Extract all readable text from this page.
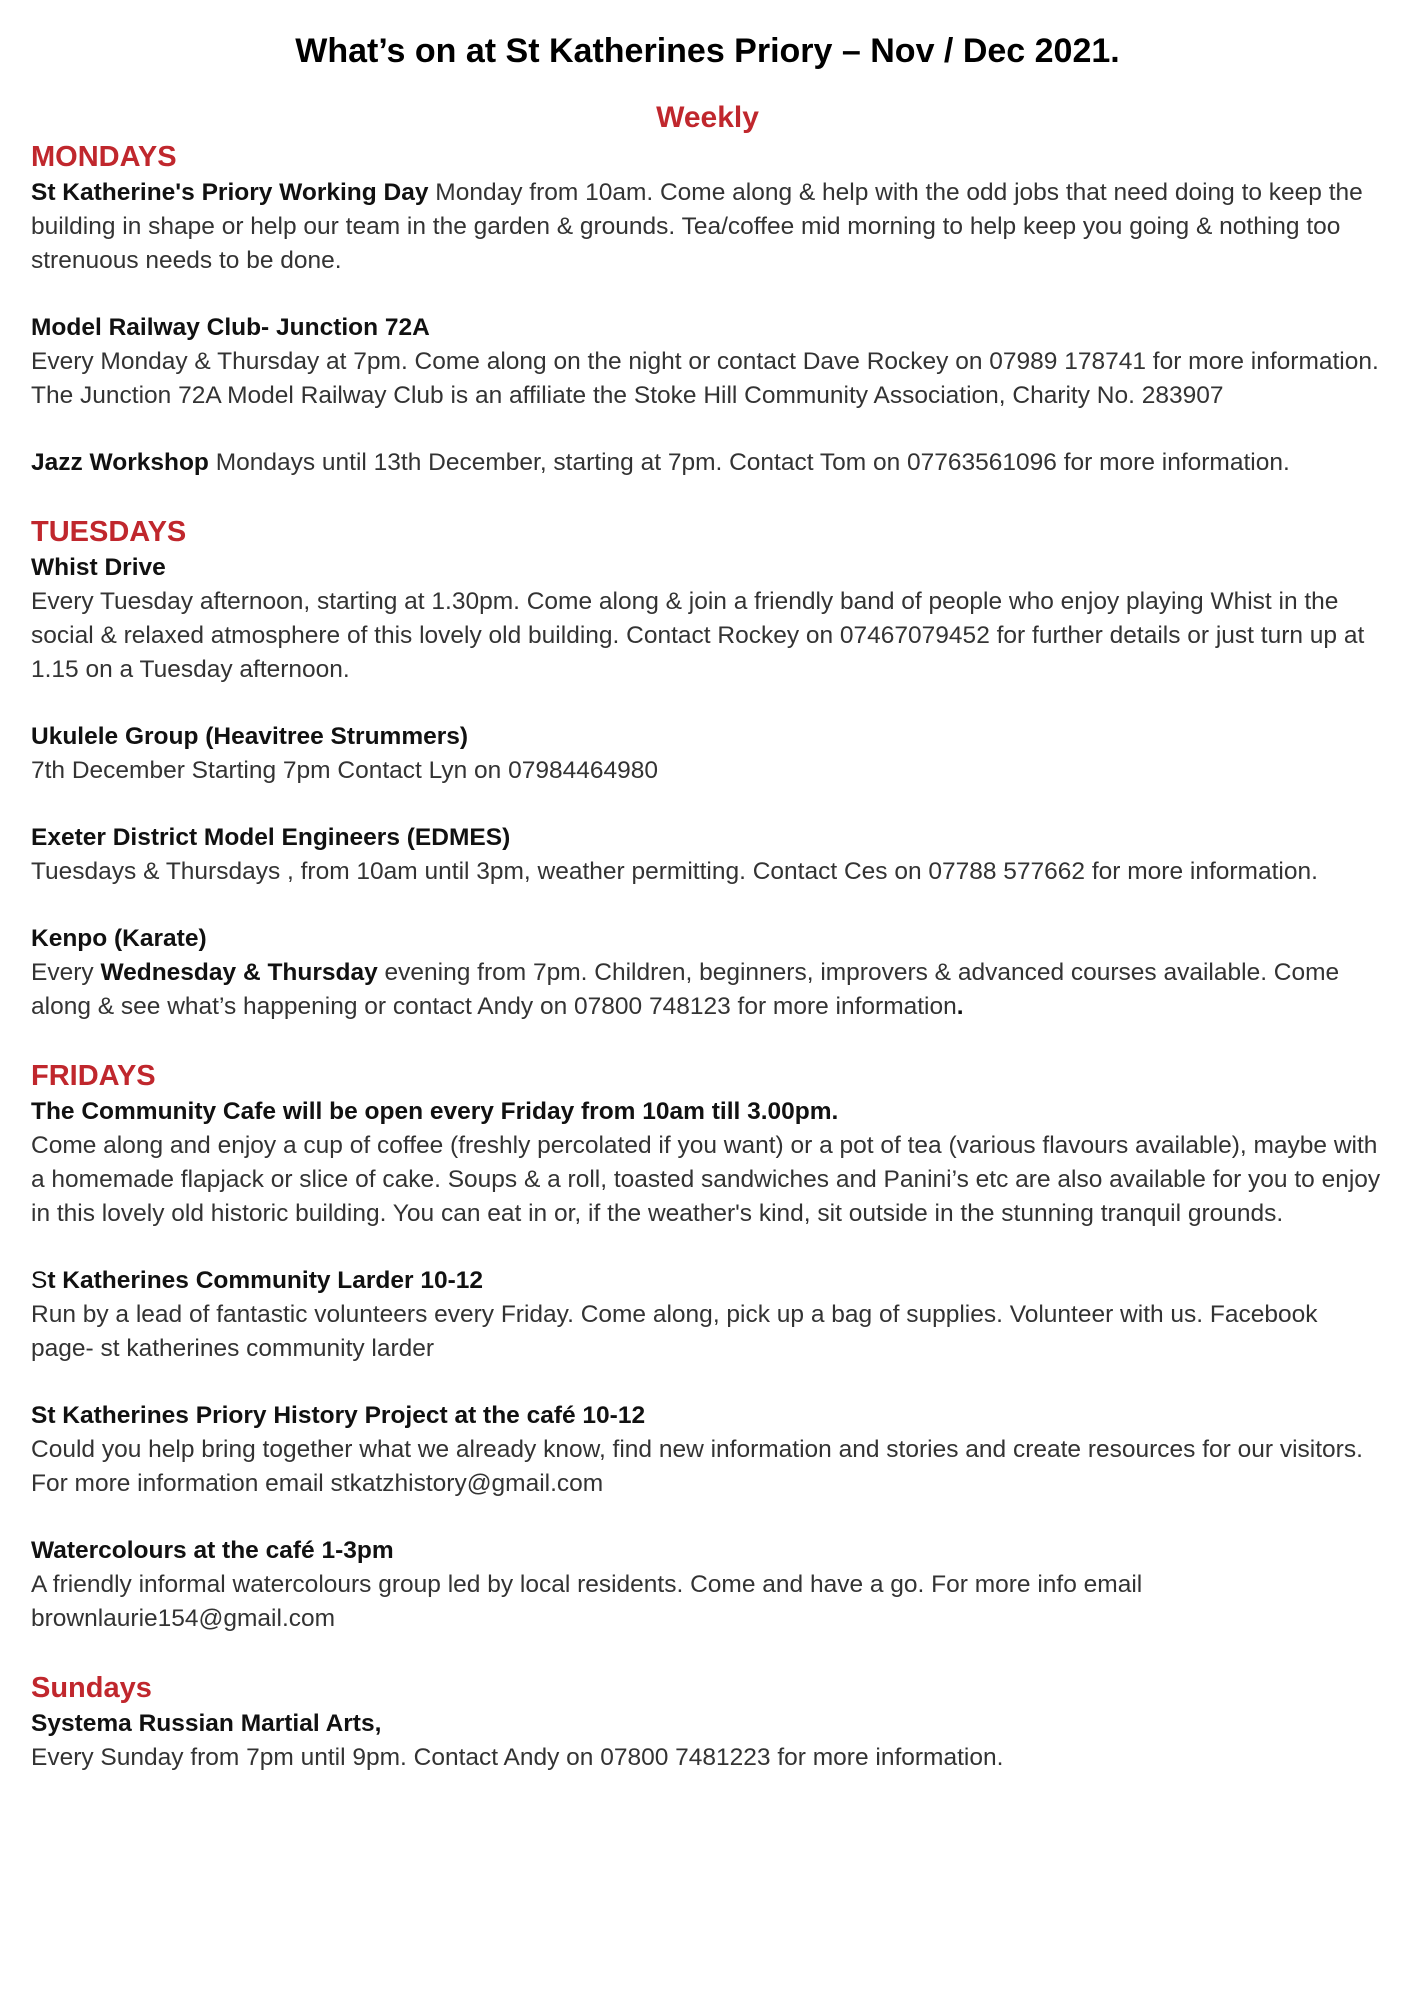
What’s on at St Katherines Priory – Nov / Dec 2021.
Weekly
MONDAYS
St Katherine's Priory Working Day Monday from 10am. Come along & help with the odd jobs that need doing to keep the building in shape or help our team in the garden & grounds. Tea/coffee mid morning to help keep you going & nothing too strenuous needs to be done.
Model Railway Club- Junction 72A
Every Monday & Thursday at 7pm. Come along on the night or contact Dave Rockey on 07989 178741 for more information. The Junction 72A Model Railway Club is an affiliate the Stoke Hill Community Association, Charity No. 283907
Jazz Workshop Mondays until 13th December, starting at 7pm. Contact Tom on 07763561096 for more information.
TUESDAYS
Whist Drive
Every Tuesday afternoon, starting at 1.30pm. Come along & join a friendly band of people who enjoy playing Whist in the social & relaxed atmosphere of this lovely old building. Contact Rockey on 07467079452 for further details or just turn up at 1.15 on a Tuesday afternoon.
Ukulele Group (Heavitree Strummers)
7th December Starting 7pm Contact Lyn on 07984464980
Exeter District Model Engineers (EDMES)
Tuesdays & Thursdays , from 10am until 3pm, weather permitting. Contact Ces on 07788 577662 for more information.
Kenpo (Karate)
Every Wednesday & Thursday evening from 7pm. Children, beginners, improvers & advanced courses available. Come along & see what’s happening or contact Andy on 07800 748123 for more information.
FRIDAYS
The Community Cafe will be open every Friday from 10am till 3.00pm.
Come along and enjoy a cup of coffee (freshly percolated if you want) or a pot of tea (various flavours available), maybe with a homemade flapjack or slice of cake. Soups & a roll, toasted sandwiches and Panini’s etc are also available for you to enjoy in this lovely old historic building. You can eat in or, if the weather's kind, sit outside in the stunning tranquil grounds.
St Katherines Community Larder 10-12
Run by a lead of fantastic volunteers every Friday. Come along, pick up a bag of supplies. Volunteer with us. Facebook page- st katherines community larder
St Katherines Priory History Project at the café 10-12
Could you help bring together what we already know, find new information and stories and create resources for our visitors. For more information email stkatzhistory@gmail.com
Watercolours at the café 1-3pm
A friendly informal watercolours group led by local residents. Come and have a go. For more info email brownlaurie154@gmail.com
Sundays
Systema Russian Martial Arts,
Every Sunday from 7pm until 9pm. Contact Andy on 07800 7481223 for more information.
